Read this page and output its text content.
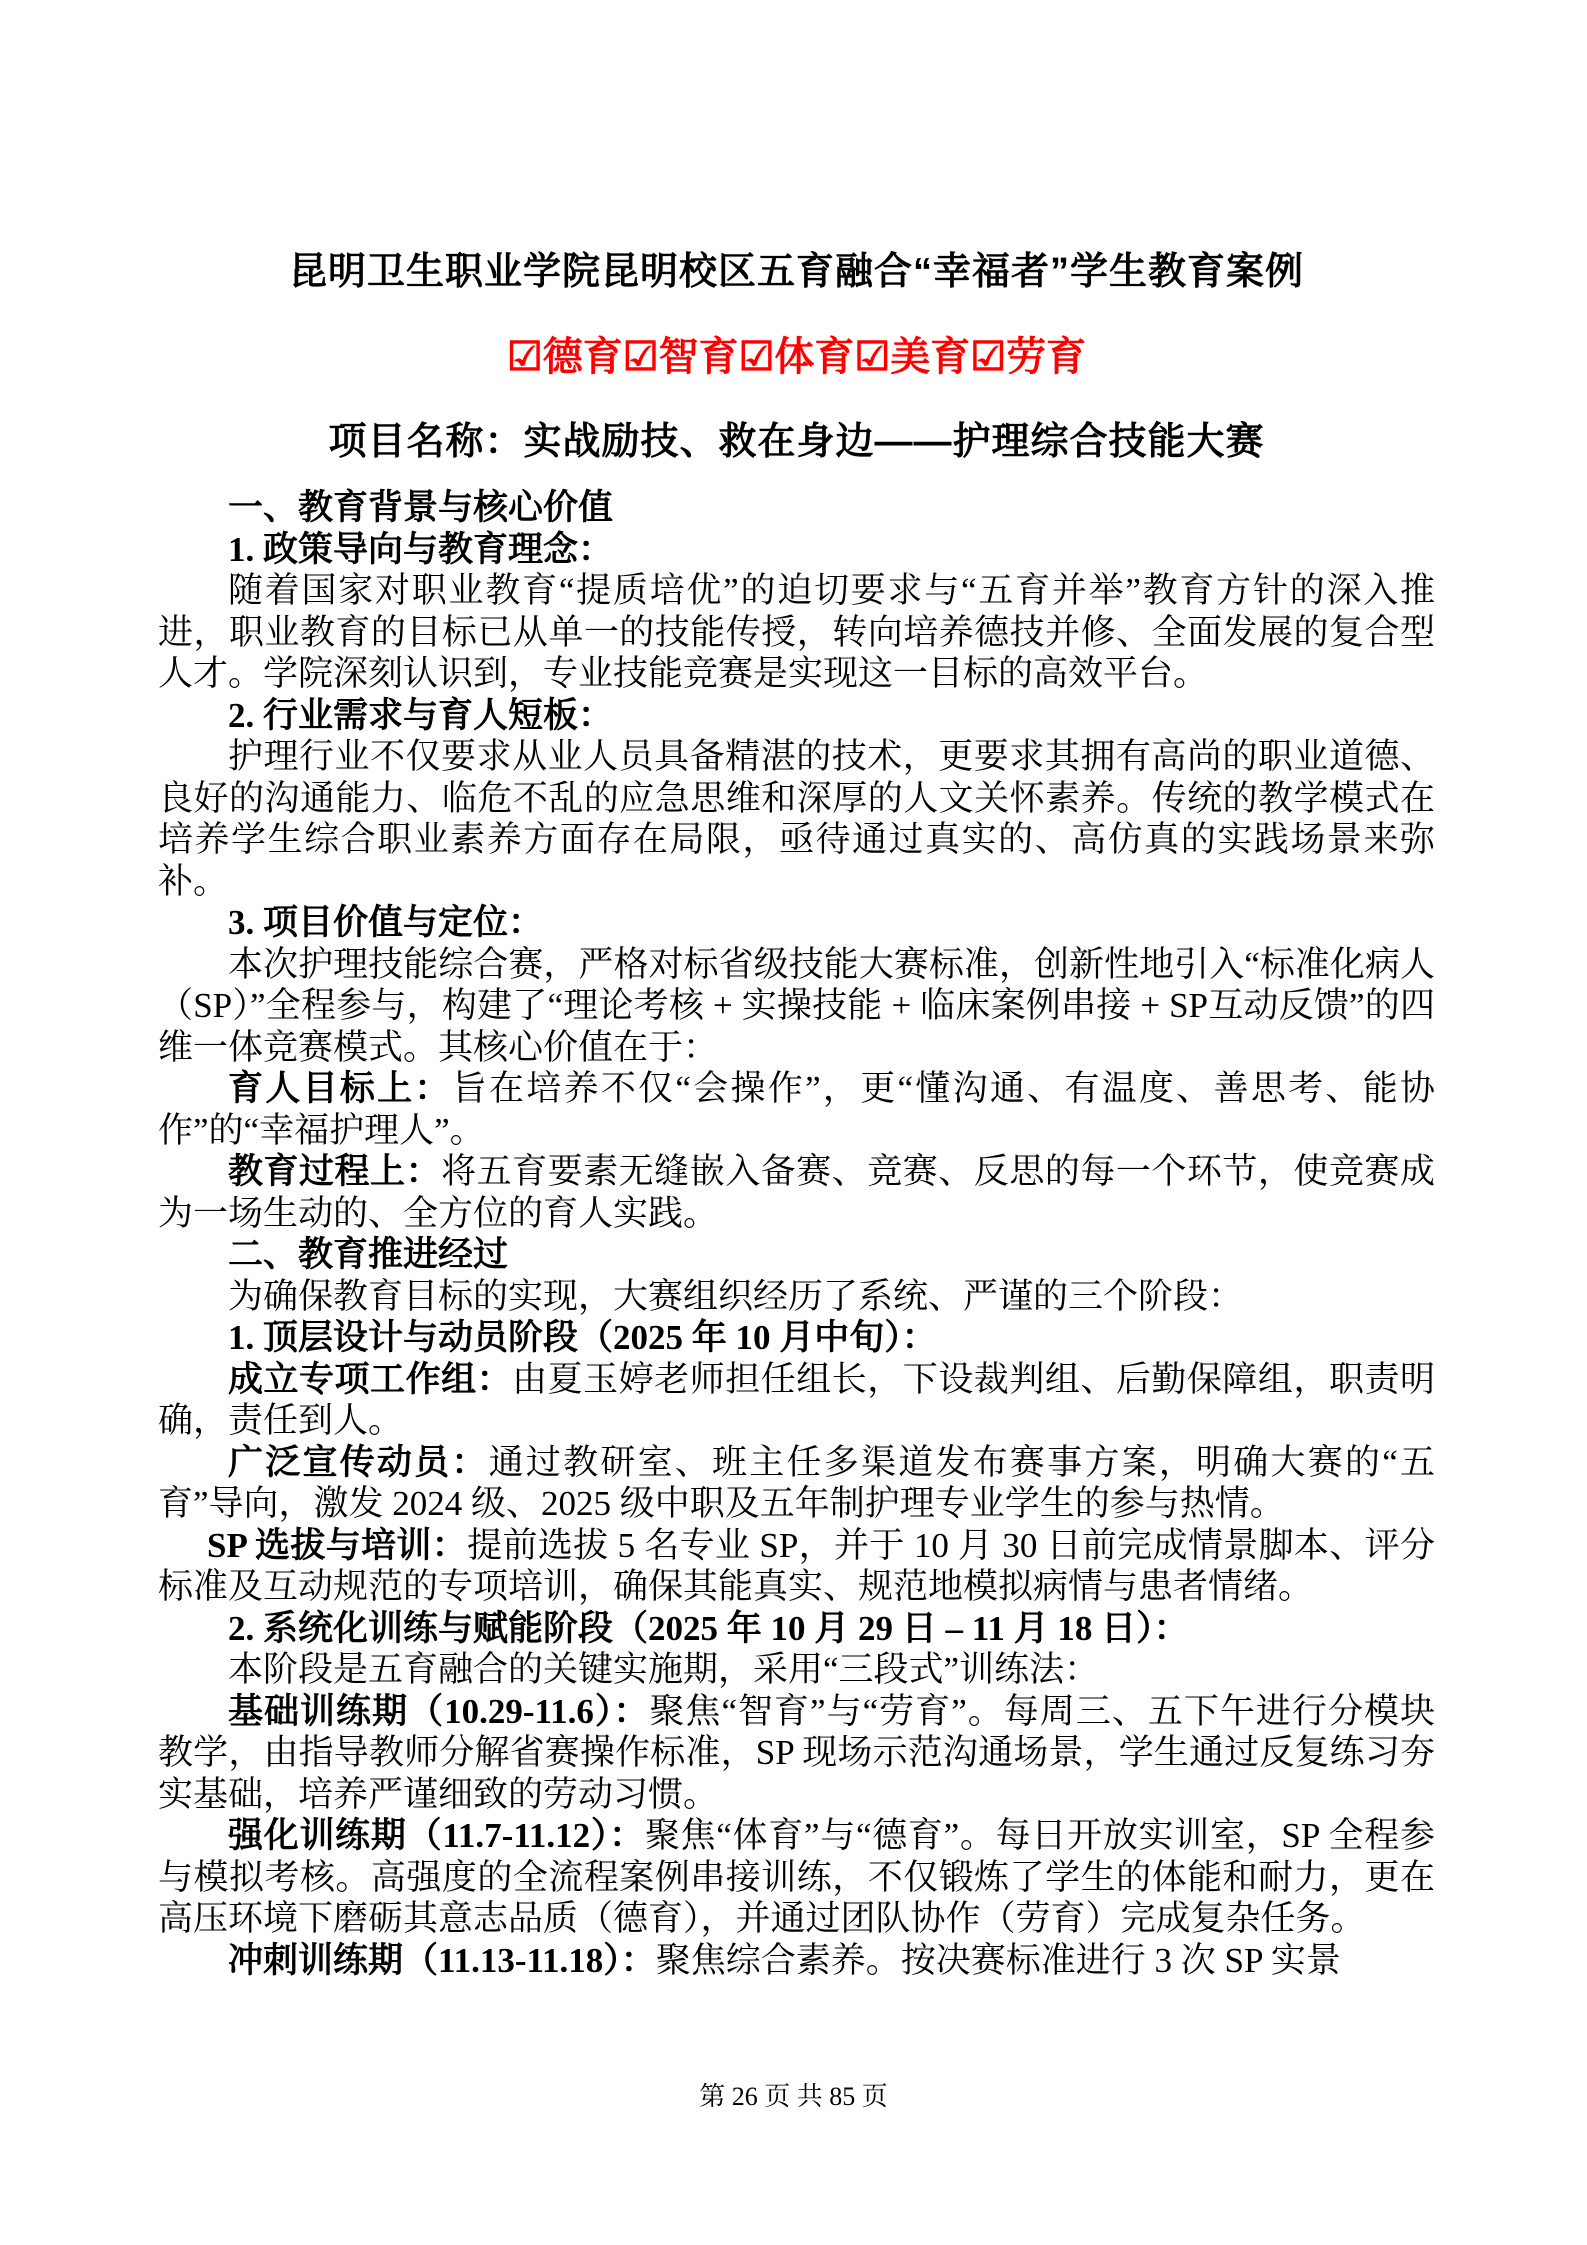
昆明卫生职业学院昆明校区五育融合“幸福者”学生教育案例
☑德育☑智育☑体育☑美育☑劳育
项目名称：实战励技、救在身边——护理综合技能大赛

一、教育背景与核心价值

1. 政策导向与教育理念：

随着国家对职业教育“提质培优”的迫切要求与“五育并举”教育方针的深入推进，职业教育的目标已从单一的技能传授，转向培养德技并修、全面发展的复合型人才。学院深刻认识到，专业技能竞赛是实现这一目标的高效平台。

2. 行业需求与育人短板：

护理行业不仅要求从业人员具备精湛的技术，更要求其拥有高尚的职业道德、良好的沟通能力、临危不乱的应急思维和深厚的人文关怀素养。传统的教学模式在培养学生综合职业素养方面存在局限，亟待通过真实的、高仿真的实践场景来弥补。

3. 项目价值与定位：

本次护理技能综合赛，严格对标省级技能大赛标准，创新性地引入“标准化病人（SP）”全程参与，构建了“理论考核 + 实操技能 + 临床案例串接 + SP互动反馈”的四维一体竞赛模式。其核心价值在于：

育人目标上：旨在培养不仅“会操作”，更“懂沟通、有温度、善思考、能协作”的“幸福护理人”。

教育过程上：将五育要素无缝嵌入备赛、竞赛、反思的每一个环节，使竞赛成为一场生动的、全方位的育人实践。

二、教育推进经过

为确保教育目标的实现，大赛组织经历了系统、严谨的三个阶段：

1. 顶层设计与动员阶段（2025 年 10 月中旬）：

成立专项工作组：由夏玉婷老师担任组长，下设裁判组、后勤保障组，职责明确，责任到人。

广泛宣传动员：通过教研室、班主任多渠道发布赛事方案，明确大赛的“五育”导向，激发 2024 级、2025 级中职及五年制护理专业学生的参与热情。

SP 选拔与培训：提前选拔 5 名专业 SP，并于 10 月 30 日前完成情景脚本、评分标准及互动规范的专项培训，确保其能真实、规范地模拟病情与患者情绪。

2. 系统化训练与赋能阶段（2025 年 10 月 29 日 – 11 月 18 日）：

本阶段是五育融合的关键实施期，采用“三段式”训练法：

基础训练期（10.29-11.6）：聚焦“智育”与“劳育”。每周三、五下午进行分模块教学，由指导教师分解省赛操作标准，SP 现场示范沟通场景，学生通过反复练习夯实基础，培养严谨细致的劳动习惯。

强化训练期（11.7-11.12）：聚焦“体育”与“德育”。每日开放实训室，SP 全程参与模拟考核。高强度的全流程案例串接训练，不仅锻炼了学生的体能和耐力，更在高压环境下磨砺其意志品质（德育），并通过团队协作（劳育）完成复杂任务。

冲刺训练期（11.13-11.18）：聚焦综合素养。按决赛标准进行 3 次 SP 实景

第 26 页 共 85 页
